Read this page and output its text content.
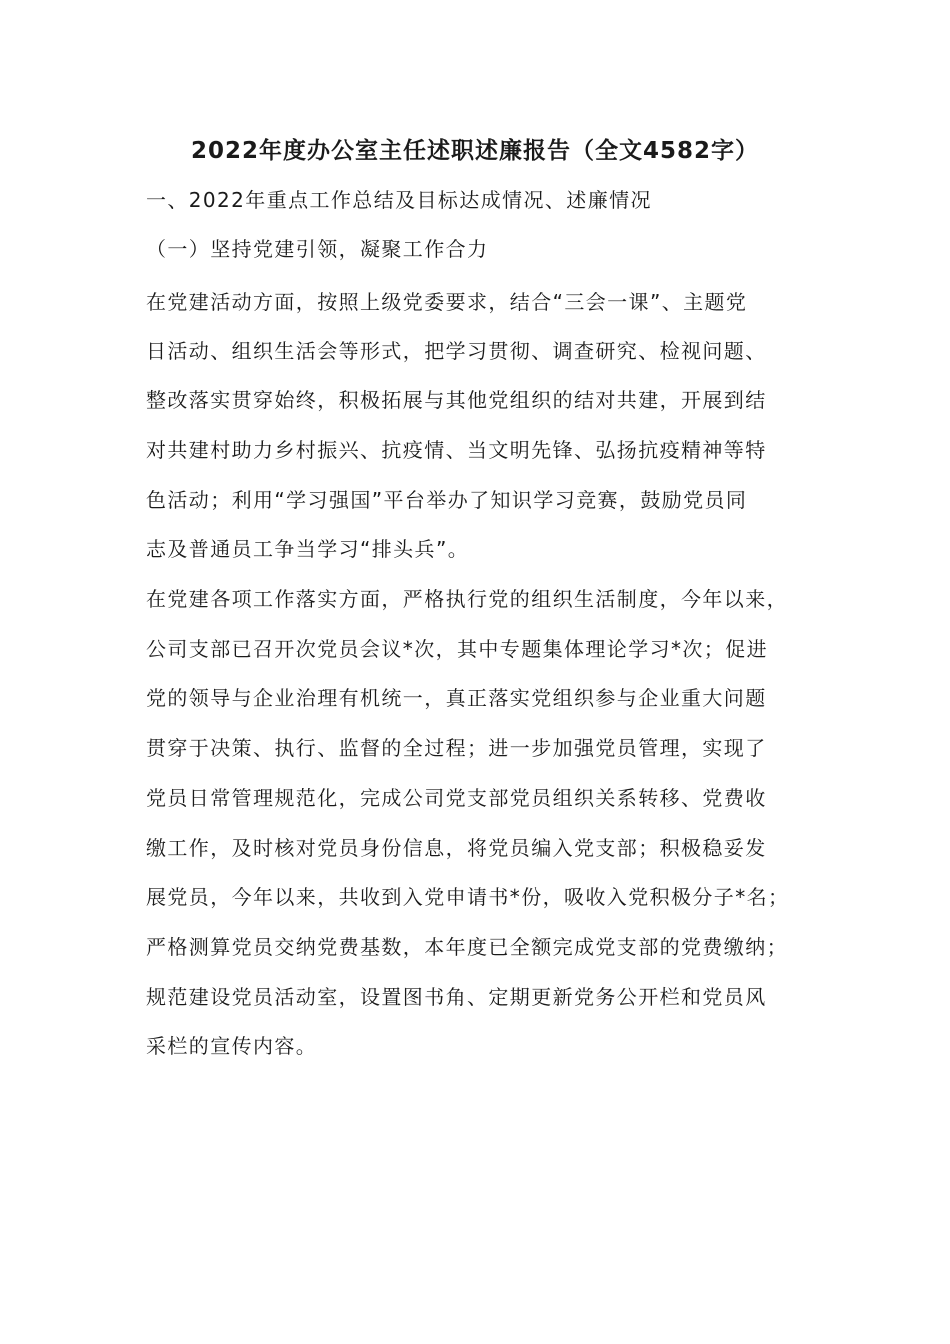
2022年度办公室主任述职述廉报告（全文4582字）
一、2022年重点工作总结及目标达成情况、述廉情况
（一）坚持党建引领，凝聚工作合力
在党建活动方面，按照上级党委要求，结合“三会一课”、主题党
日活动、组织生活会等形式，把学习贯彻、调查研究、检视问题、
整改落实贯穿始终，积极拓展与其他党组织的结对共建，开展到结
对共建村助力乡村振兴、抗疫情、当文明先锋、弘扬抗疫精神等特
色活动；利用“学习强国”平台举办了知识学习竞赛，鼓励党员同
志及普通员工争当学习“排头兵”。
在党建各项工作落实方面，严格执行党的组织生活制度，今年以来，
公司支部已召开次党员会议*次，其中专题集体理论学习*次；促进
党的领导与企业治理有机统一，真正落实党组织参与企业重大问题
贯穿于决策、执行、监督的全过程；进一步加强党员管理，实现了
党员日常管理规范化，完成公司党支部党员组织关系转移、党费收
缴工作，及时核对党员身份信息，将党员编入党支部；积极稳妥发
展党员，今年以来，共收到入党申请书*份，吸收入党积极分子*名；
严格测算党员交纳党费基数，本年度已全额完成党支部的党费缴纳；
规范建设党员活动室，设置图书角、定期更新党务公开栏和党员风
采栏的宣传内容。
